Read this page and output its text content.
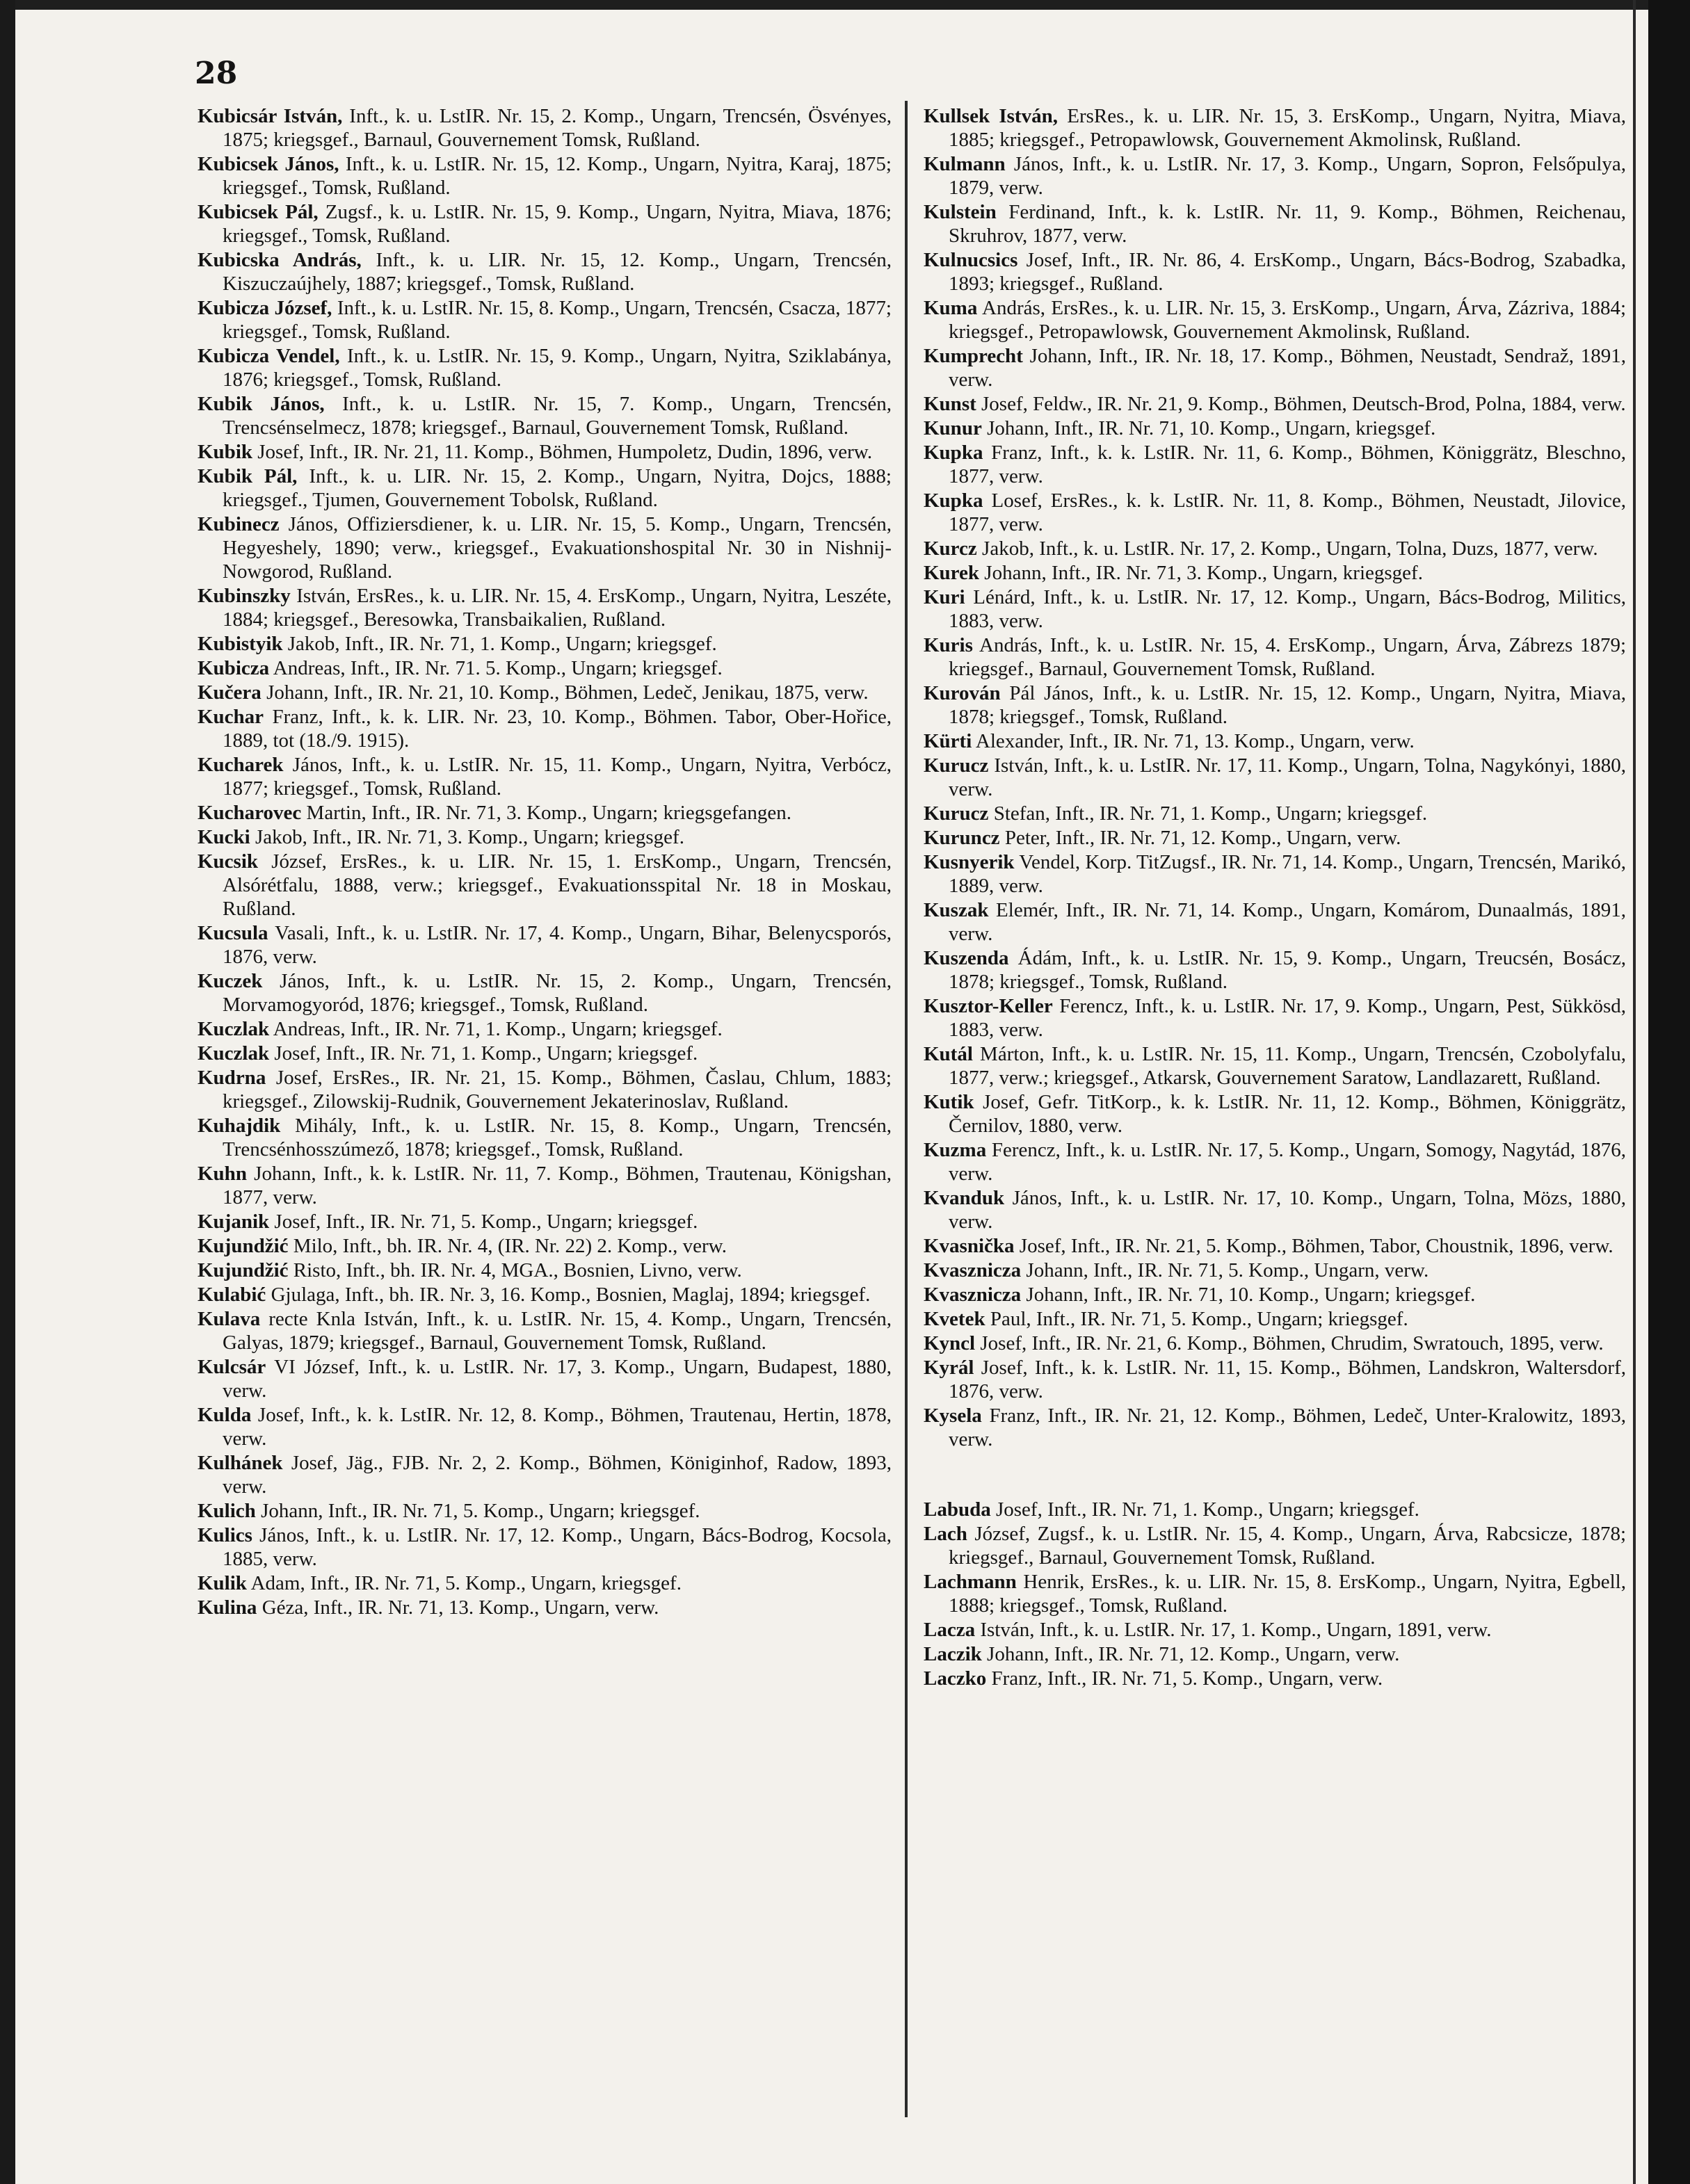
28

Kubicsár István, Inft., k. u. LstIR. Nr. 15, 2. Komp., Ungarn, Trencsén, Ösvényes, 1875; kriegsgef., Barnaul, Gouvernement Tomsk, Rußland.

Kubicsek János, Inft., k. u. LstIR. Nr. 15, 12. Komp., Ungarn, Nyitra, Karaj, 1875; kriegsgef., Tomsk, Rußland.

Kubicsek Pál, Zugsf., k. u. LstIR. Nr. 15, 9. Komp., Ungarn, Nyitra, Miava, 1876; kriegsgef., Tomsk, Rußland.

Kubicska András, Inft., k. u. LIR. Nr. 15, 12. Komp., Ungarn, Trencsén, Kiszuczaújhely, 1887; kriegsgef., Tomsk, Rußland.

Kubicza József, Inft., k. u. LstIR. Nr. 15, 8. Komp., Ungarn, Trencsén, Csacza, 1877; kriegsgef., Tomsk, Rußland.

Kubicza Vendel, Inft., k. u. LstIR. Nr. 15, 9. Komp., Ungarn, Nyitra, Sziklabánya, 1876; kriegsgef., Tomsk, Rußland.

Kubik János, Inft., k. u. LstIR. Nr. 15, 7. Komp., Ungarn, Trencsén, Trencsénselmecz, 1878; kriegsgef., Barnaul, Gouvernement Tomsk, Rußland.

Kubik Josef, Inft., IR. Nr. 21, 11. Komp., Böhmen, Humpoletz, Dudin, 1896, verw.

Kubik Pál, Inft., k. u. LIR. Nr. 15, 2. Komp., Ungarn, Nyitra, Dojcs, 1888; kriegsgef., Tjumen, Gouvernement Tobolsk, Rußland.

Kubinecz János, Offiziersdiener, k. u. LIR. Nr. 15, 5. Komp., Ungarn, Trencsén, Hegyeshely, 1890; verw., kriegsgef., Evakuationshospital Nr. 30 in Nishnij-Nowgorod, Rußland.

Kubinszky István, ErsRes., k. u. LIR. Nr. 15, 4. ErsKomp., Ungarn, Nyitra, Leszéte, 1884; kriegsgef., Beresowka, Transbaikalien, Rußland.

Kubistyik Jakob, Inft., IR. Nr. 71, 1. Komp., Ungarn; kriegsgef.

Kubicza Andreas, Inft., IR. Nr. 71. 5. Komp., Ungarn; kriegsgef.

Kučera Johann, Inft., IR. Nr. 21, 10. Komp., Böhmen, Ledeč, Jenikau, 1875, verw.

Kuchar Franz, Inft., k. k. LIR. Nr. 23, 10. Komp., Böhmen. Tabor, Ober-Hořice, 1889, tot (18./9. 1915).

Kucharek János, Inft., k. u. LstIR. Nr. 15, 11. Komp., Ungarn, Nyitra, Verbócz, 1877; kriegsgef., Tomsk, Rußland.

Kucharovec Martin, Inft., IR. Nr. 71, 3. Komp., Ungarn; kriegsgefangen.

Kucki Jakob, Inft., IR. Nr. 71, 3. Komp., Ungarn; kriegsgef.

Kucsik József, ErsRes., k. u. LIR. Nr. 15, 1. ErsKomp., Ungarn, Trencsén, Alsórétfalu, 1888, verw.; kriegsgef., Evakuationsspital Nr. 18 in Moskau, Rußland.

Kucsula Vasali, Inft., k. u. LstIR. Nr. 17, 4. Komp., Ungarn, Bihar, Belenycsporós, 1876, verw.

Kuczek János, Inft., k. u. LstIR. Nr. 15, 2. Komp., Ungarn, Trencsén, Morvamogyoród, 1876; kriegsgef., Tomsk, Rußland.

Kuczlak Andreas, Inft., IR. Nr. 71, 1. Komp., Ungarn; kriegsgef.

Kuczlak Josef, Inft., IR. Nr. 71, 1. Komp., Ungarn; kriegsgef.

Kudrna Josef, ErsRes., IR. Nr. 21, 15. Komp., Böhmen, Časlau, Chlum, 1883; kriegsgef., Zilowskij-Rudnik, Gouvernement Jekaterinoslav, Rußland.

Kuhajdik Mihály, Inft., k. u. LstIR. Nr. 15, 8. Komp., Ungarn, Trencsén, Trencsénhosszúmező, 1878; kriegsgef., Tomsk, Rußland.

Kuhn Johann, Inft., k. k. LstIR. Nr. 11, 7. Komp., Böhmen, Trautenau, Königshan, 1877, verw.

Kujanik Josef, Inft., IR. Nr. 71, 5. Komp., Ungarn; kriegsgef.

Kujundžić Milo, Inft., bh. IR. Nr. 4, (IR. Nr. 22) 2. Komp., verw.

Kujundžić Risto, Inft., bh. IR. Nr. 4, MGA., Bosnien, Livno, verw.

Kulabić Gjulaga, Inft., bh. IR. Nr. 3, 16. Komp., Bosnien, Maglaj, 1894; kriegsgef.

Kulava recte Knla István, Inft., k. u. LstIR. Nr. 15, 4. Komp., Ungarn, Trencsén, Galyas, 1879; kriegsgef., Barnaul, Gouvernement Tomsk, Rußland.

Kulcsár VI József, Inft., k. u. LstIR. Nr. 17, 3. Komp., Ungarn, Budapest, 1880, verw.

Kulda Josef, Inft., k. k. LstIR. Nr. 12, 8. Komp., Böhmen, Trautenau, Hertin, 1878, verw.

Kulhánek Josef, Jäg., FJB. Nr. 2, 2. Komp., Böhmen, Königinhof, Radow, 1893, verw.

Kulich Johann, Inft., IR. Nr. 71, 5. Komp., Ungarn; kriegsgef.

Kulics János, Inft., k. u. LstIR. Nr. 17, 12. Komp., Ungarn, Bács-Bodrog, Kocsola, 1885, verw.

Kulik Adam, Inft., IR. Nr. 71, 5. Komp., Ungarn, kriegsgef.

Kulina Géza, Inft., IR. Nr. 71, 13. Komp., Ungarn, verw.

Kullsek István, ErsRes., k. u. LIR. Nr. 15, 3. ErsKomp., Ungarn, Nyitra, Miava, 1885; kriegsgef., Petropawlowsk, Gouvernement Akmolinsk, Rußland.

Kulmann János, Inft., k. u. LstIR. Nr. 17, 3. Komp., Ungarn, Sopron, Felsőpulya, 1879, verw.

Kulstein Ferdinand, Inft., k. k. LstIR. Nr. 11, 9. Komp., Böhmen, Reichenau, Skruhrov, 1877, verw.

Kulnucsics Josef, Inft., IR. Nr. 86, 4. ErsKomp., Ungarn, Bács-Bodrog, Szabadka, 1893; kriegsgef., Rußland.

Kuma András, ErsRes., k. u. LIR. Nr. 15, 3. ErsKomp., Ungarn, Árva, Zázriva, 1884; kriegsgef., Petropawlowsk, Gouvernement Akmolinsk, Rußland.

Kumprecht Johann, Inft., IR. Nr. 18, 17. Komp., Böhmen, Neustadt, Sendraž, 1891, verw.

Kunst Josef, Feldw., IR. Nr. 21, 9. Komp., Böhmen, Deutsch-Brod, Polna, 1884, verw.

Kunur Johann, Inft., IR. Nr. 71, 10. Komp., Ungarn, kriegsgef.

Kupka Franz, Inft., k. k. LstIR. Nr. 11, 6. Komp., Böhmen, Königgrätz, Bleschno, 1877, verw.

Kupka Losef, ErsRes., k. k. LstIR. Nr. 11, 8. Komp., Böhmen, Neustadt, Jilovice, 1877, verw.

Kurcz Jakob, Inft., k. u. LstIR. Nr. 17, 2. Komp., Ungarn, Tolna, Duzs, 1877, verw.

Kurek Johann, Inft., IR. Nr. 71, 3. Komp., Ungarn, kriegsgef.

Kuri Lénárd, Inft., k. u. LstIR. Nr. 17, 12. Komp., Ungarn, Bács-Bodrog, Militics, 1883, verw.

Kuris András, Inft., k. u. LstIR. Nr. 15, 4. ErsKomp., Ungarn, Árva, Zábrezs 1879; kriegsgef., Barnaul, Gouvernement Tomsk, Rußland.

Kurován Pál János, Inft., k. u. LstIR. Nr. 15, 12. Komp., Ungarn, Nyitra, Miava, 1878; kriegsgef., Tomsk, Rußland.

Kürti Alexander, Inft., IR. Nr. 71, 13. Komp., Ungarn, verw.

Kurucz István, Inft., k. u. LstIR. Nr. 17, 11. Komp., Ungarn, Tolna, Nagykónyi, 1880, verw.

Kurucz Stefan, Inft., IR. Nr. 71, 1. Komp., Ungarn; kriegsgef.

Kuruncz Peter, Inft., IR. Nr. 71, 12. Komp., Ungarn, verw.

Kusnyerik Vendel, Korp. TitZugsf., IR. Nr. 71, 14. Komp., Ungarn, Trencsén, Marikó, 1889, verw.

Kuszak Elemér, Inft., IR. Nr. 71, 14. Komp., Ungarn, Komárom, Dunaalmás, 1891, verw.

Kuszenda Ádám, Inft., k. u. LstIR. Nr. 15, 9. Komp., Ungarn, Treucsén, Bosácz, 1878; kriegsgef., Tomsk, Rußland.

Kusztor-Keller Ferencz, Inft., k. u. LstIR. Nr. 17, 9. Komp., Ungarn, Pest, Sükkösd, 1883, verw.

Kutál Márton, Inft., k. u. LstIR. Nr. 15, 11. Komp., Ungarn, Trencsén, Czobolyfalu, 1877, verw.; kriegsgef., Atkarsk, Gouvernement Saratow, Landlazarett, Rußland.

Kutik Josef, Gefr. TitKorp., k. k. LstIR. Nr. 11, 12. Komp., Böhmen, Königgrätz, Černilov, 1880, verw.

Kuzma Ferencz, Inft., k. u. LstIR. Nr. 17, 5. Komp., Ungarn, Somogy, Nagytád, 1876, verw.

Kvanduk János, Inft., k. u. LstIR. Nr. 17, 10. Komp., Ungarn, Tolna, Mözs, 1880, verw.

Kvasnička Josef, Inft., IR. Nr. 21, 5. Komp., Böhmen, Tabor, Choustnik, 1896, verw.

Kvasznicza Johann, Inft., IR. Nr. 71, 5. Komp., Ungarn, verw.

Kvasznicza Johann, Inft., IR. Nr. 71, 10. Komp., Ungarn; kriegsgef.

Kvetek Paul, Inft., IR. Nr. 71, 5. Komp., Ungarn; kriegsgef.

Kyncl Josef, Inft., IR. Nr. 21, 6. Komp., Böhmen, Chrudim, Swratouch, 1895, verw.

Kyrál Josef, Inft., k. k. LstIR. Nr. 11, 15. Komp., Böhmen, Landskron, Waltersdorf, 1876, verw.

Kysela Franz, Inft., IR. Nr. 21, 12. Komp., Böhmen, Ledeč, Unter-Kralowitz, 1893, verw.

Labuda Josef, Inft., IR. Nr. 71, 1. Komp., Ungarn; kriegsgef.

Lach József, Zugsf., k. u. LstIR. Nr. 15, 4. Komp., Ungarn, Árva, Rabcsicze, 1878; kriegsgef., Barnaul, Gouvernement Tomsk, Rußland.

Lachmann Henrik, ErsRes., k. u. LIR. Nr. 15, 8. ErsKomp., Ungarn, Nyitra, Egbell, 1888; kriegsgef., Tomsk, Rußland.

Lacza István, Inft., k. u. LstIR. Nr. 17, 1. Komp., Ungarn, 1891, verw.

Laczik Johann, Inft., IR. Nr. 71, 12. Komp., Ungarn, verw.

Laczko Franz, Inft., IR. Nr. 71, 5. Komp., Ungarn, verw.
